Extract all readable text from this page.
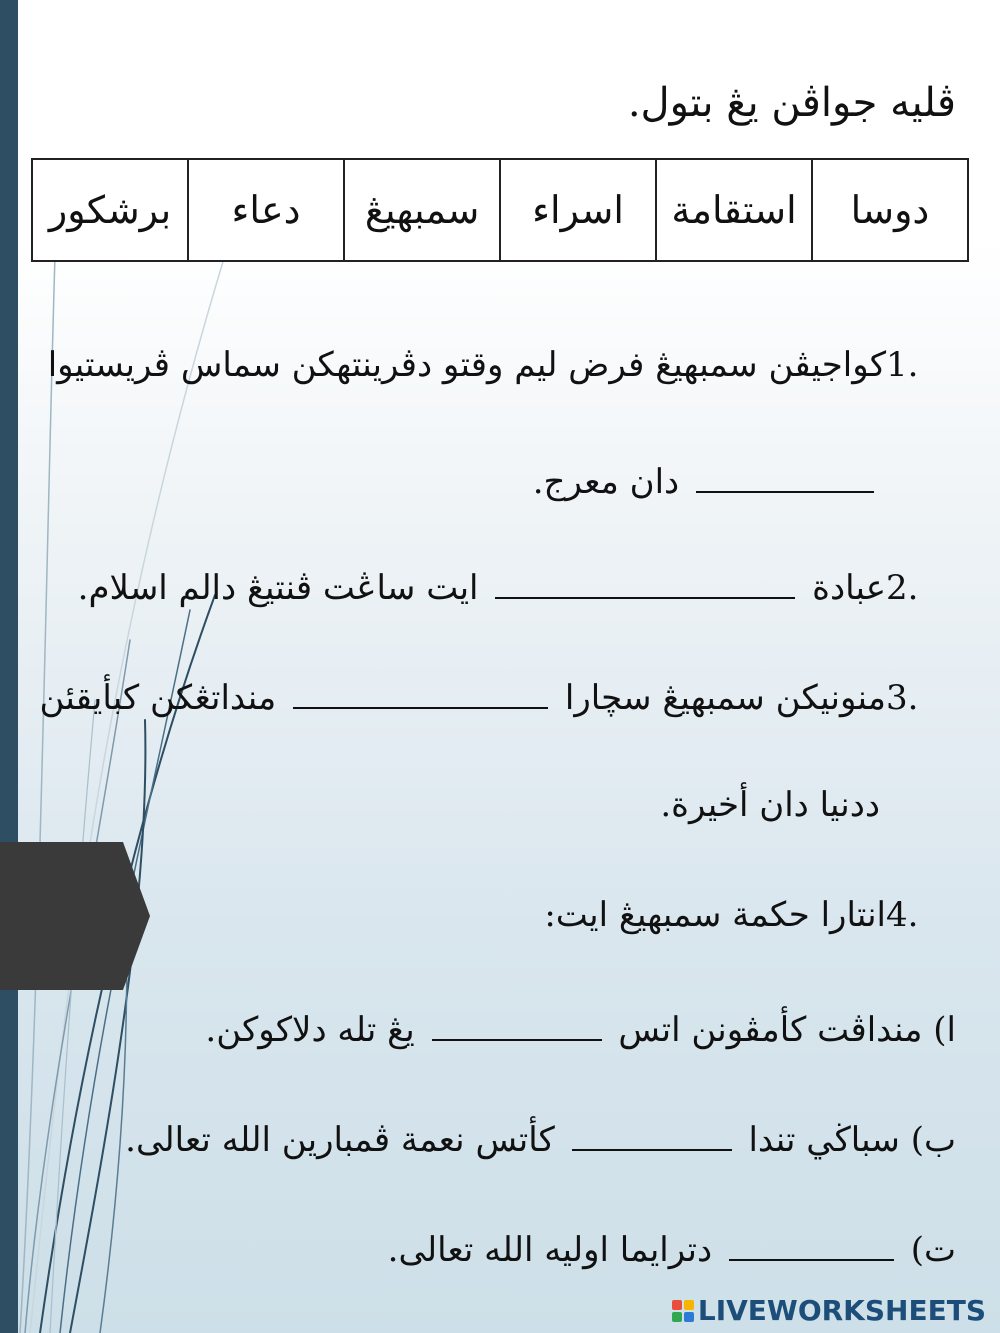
ڤليه جواڤن يڠ بتول.
دوسا	استقامة	اسراء	سمبهيڠ	دعاء	برشكور
1.كواجيڤن سمبهيڠ فرض ليم وقتو دڤرينتهكن سماس ڤريستيوا
دان معرج.
2.عبادة  ايت ساڠت ڤنتيڠ دالم اسلام.
3.منونيكن سمبهيڠ سچارا  منداتڠكن كبأيقئن
ددنيا دان أخيرة.
4.انتارا حكمة سمبهيڠ ايت:
ا) منداڤت كأمڤونن اتس  يڠ تله دلاكوكن.
ب) سباڬي تندا  كأتس نعمة ڤمبارين الله تعالى.
ت)  دترايما اوليه الله تعالى.
LIVEWORKSHEETS
